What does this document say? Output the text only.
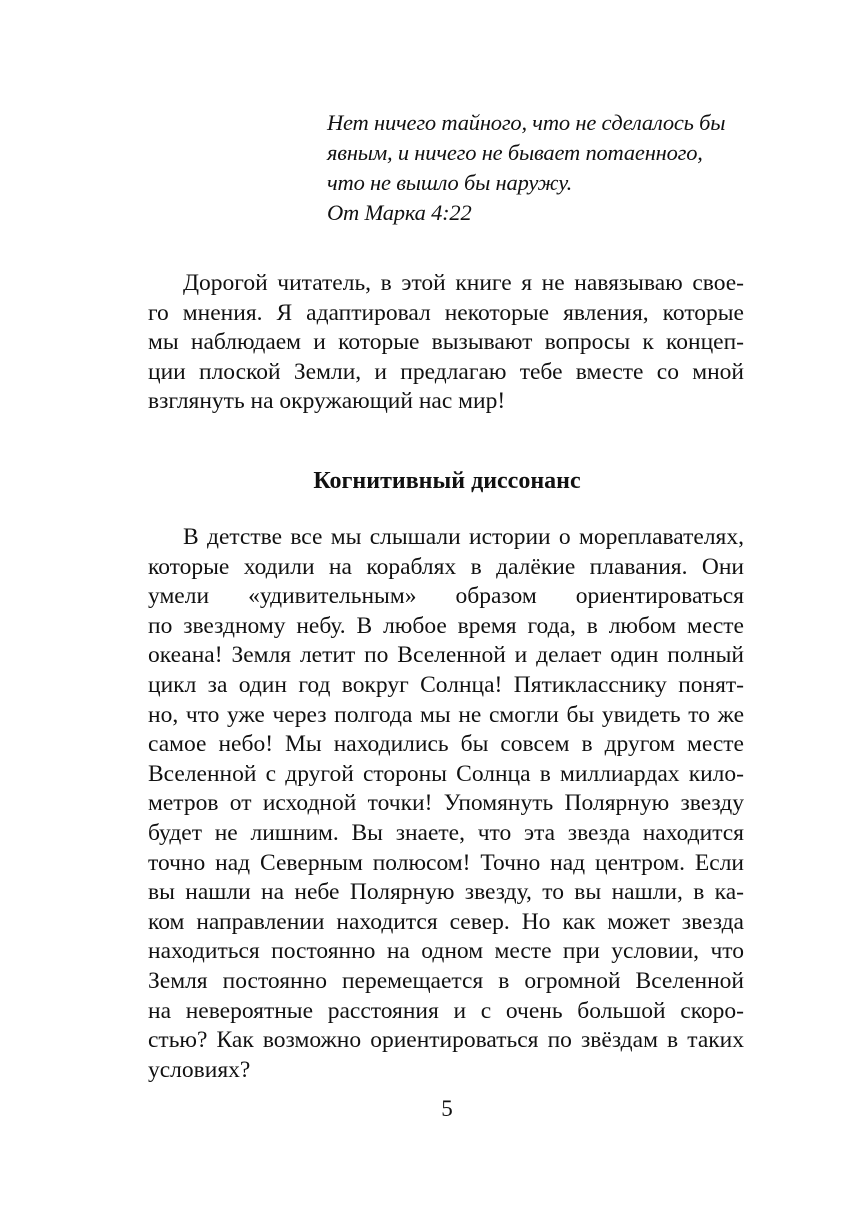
Нет ничего тайного, что не сделалось бы
явным, и ничего не бывает потаенного,
что не вышло бы наружу.
От Марка 4:22
Дорогой читатель, в этой книге я не навязываю свое-
го мнения. Я адаптировал некоторые явления, которые
мы наблюдаем и которые вызывают вопросы к концеп-
ции плоской Земли, и предлагаю тебе вместе со мной
взглянуть на окружающий нас мир!
Когнитивный диссонанс
В детстве все мы слышали истории о мореплавателях,
которые ходили на кораблях в далёкие плавания. Они
умели «удивительным» образом ориентироваться
по звездному небу. В любое время года, в любом месте
океана! Земля летит по Вселенной и делает один полный
цикл за один год вокруг Солнца! Пятикласснику понят-
но, что уже через полгода мы не смогли бы увидеть то же
самое небо! Мы находились бы совсем в другом месте
Вселенной с другой стороны Солнца в миллиардах кило-
метров от исходной точки! Упомянуть Полярную звезду
будет не лишним. Вы знаете, что эта звезда находится
точно над Северным полюсом! Точно над центром. Если
вы нашли на небе Полярную звезду, то вы нашли, в ка-
ком направлении находится север. Но как может звезда
находиться постоянно на одном месте при условии, что
Земля постоянно перемещается в огромной Вселенной
на невероятные расстояния и с очень большой скоро-
стью? Как возможно ориентироваться по звёздам в таких
условиях?
5
